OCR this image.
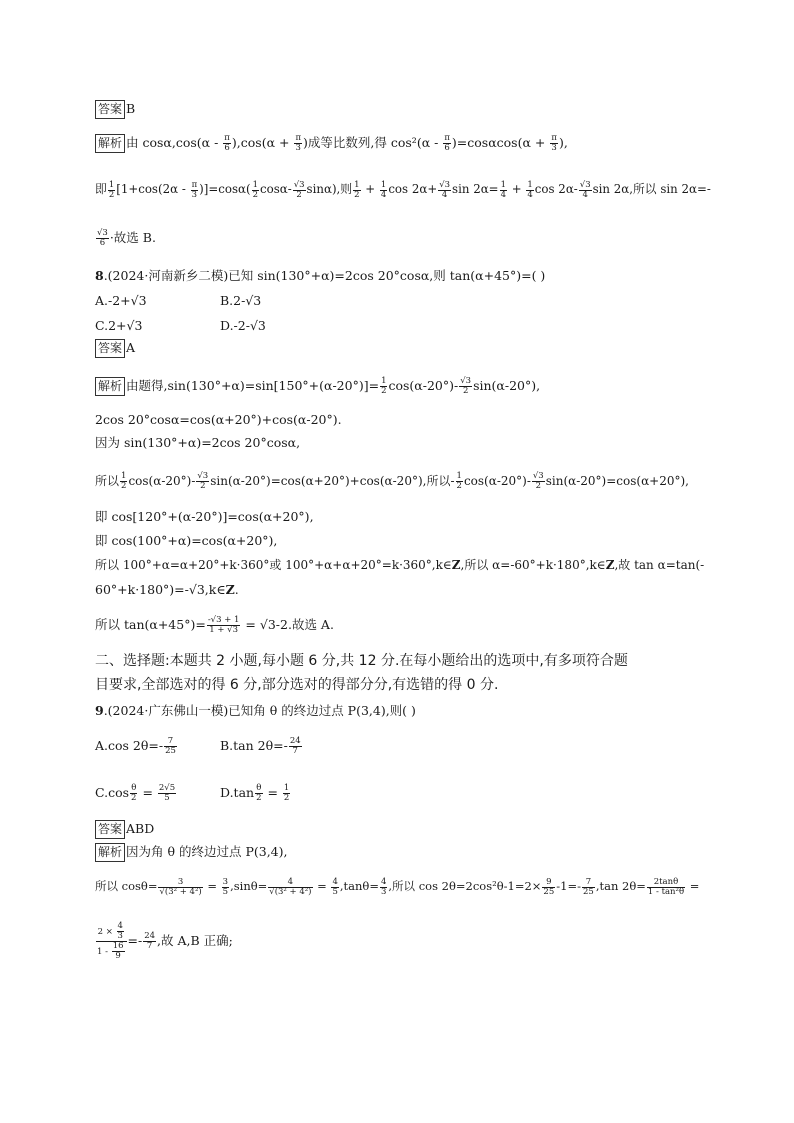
答案 B
解析 由 $\cos\alpha,\cos(\alpha - \frac{\pi}{6} ),\cos(\alpha + \frac{\pi}{3}$ )成等比数列,得 $\cos^2(\alpha - \frac{\pi}{6} )=\cos\alpha\cos(\alpha + \frac{\pi}{3}$ ),
即 $\frac{1}{2} [1+\cos(2\alpha - \frac{\pi}{3} )]=\cos\alpha( \frac{1}{2} \cos\alpha- \frac{√3}{2} \sin\alpha)$,则 $\frac{1}{2} + \frac{1}{4}$ $\cos 2\alpha+ \frac{√3}{4}$ $\sin 2\alpha= \frac{1}{4} + \frac{1}{4}$ $\cos 2\alpha- \frac{√3}{4}$ sin 2α,所以 sin 2α=-
$\frac{√3}{6}$ ·故选 B.
8.(2024·河南新乡二模)已知 sin(130°+α)=2cos 20°cosα,则 tan(α+45°)=( )
A.-2+√3	B.2-√3
C.2+√3	D.-2-√3
答案 A
解析 由题得$,\sin(130^\circ+\alpha)=\sin[150^\circ+(\alpha-20^\circ)]= \frac{1}{2} \cos(\alpha-20^\circ)- \frac{√3}{2} \sin(\alpha-20^\circ)$,
2cos 20°cosα=cos(α+20°)+cos(α-20°).
因为 sin(130°+α)=2cos 20°cosα,
所以 $\frac{1}{2} \cos(\alpha-20^\circ)- \frac{√3}{2} \sin(\alpha-20^\circ)=\cos(\alpha+20^\circ)+\cos(\alpha-20^\circ)$,所以- $\frac{1}{2} \cos(\alpha-20^\circ)- \frac{√3}{2} \sin(\alpha-20^\circ)=\cos(\alpha+20^\circ)$,
即 cos[120°+(α-20°)]=cos(α+20°),
即 cos(100°+α)=cos(α+20°),
所以 100°+α=α+20°+k·360°或 100°+α+α+20°=k·360°,k∈Z,所以 α=-60°+k·180°,k∈Z,故 tan α=tan(-
60°+k·180°)=-√3,k∈Z.
所以 $\tan(\alpha+45^\circ)= \frac{-√3 + 1}{1 + √3} = √3-2$.故选 A.
二、选择题:本题共 2 小题,每小题 6 分,共 12 分.在每小题给出的选项中,有多项符合题
目要求,全部选对的得 6 分,部分选对的得部分分,有选错的得 0 分.
9.(2024·广东佛山一模)已知角 θ 的终边过点 P(3,4),则( )
A.cos $2\theta=- \frac{7}{25}$	B.tan $2\theta=- \frac{24}{7}$
$C.\cos \frac{\theta}{2} = \frac{2√5}{5}$	$D.\tan \frac{\theta}{2} = \frac{1}{2}$
答案 ABD
解析 因为角 θ 的终边过点 P(3,4),
所以 $\cos\theta= \frac{3}{\text{√(3² + 4²)}} = \frac{3}{5} ,\sin\theta= \frac{4}{\text{√(3² + 4²)}} = \frac{4}{5} ,\tan\theta= \frac{4}{3}$ ,所以 $\cos 2\theta=2\cos^2\theta-1=2\times \frac{9}{25} -1=- \frac{7}{25} ,\tan$ $2\theta= \frac{2\tan\theta}{\text{1 - tan²θ}}$ =
$\frac{2 \times \frac{4}{3}}{1 - \frac{16}{9}} =- \frac{24}{7}$ ,故 A,B 正确;
